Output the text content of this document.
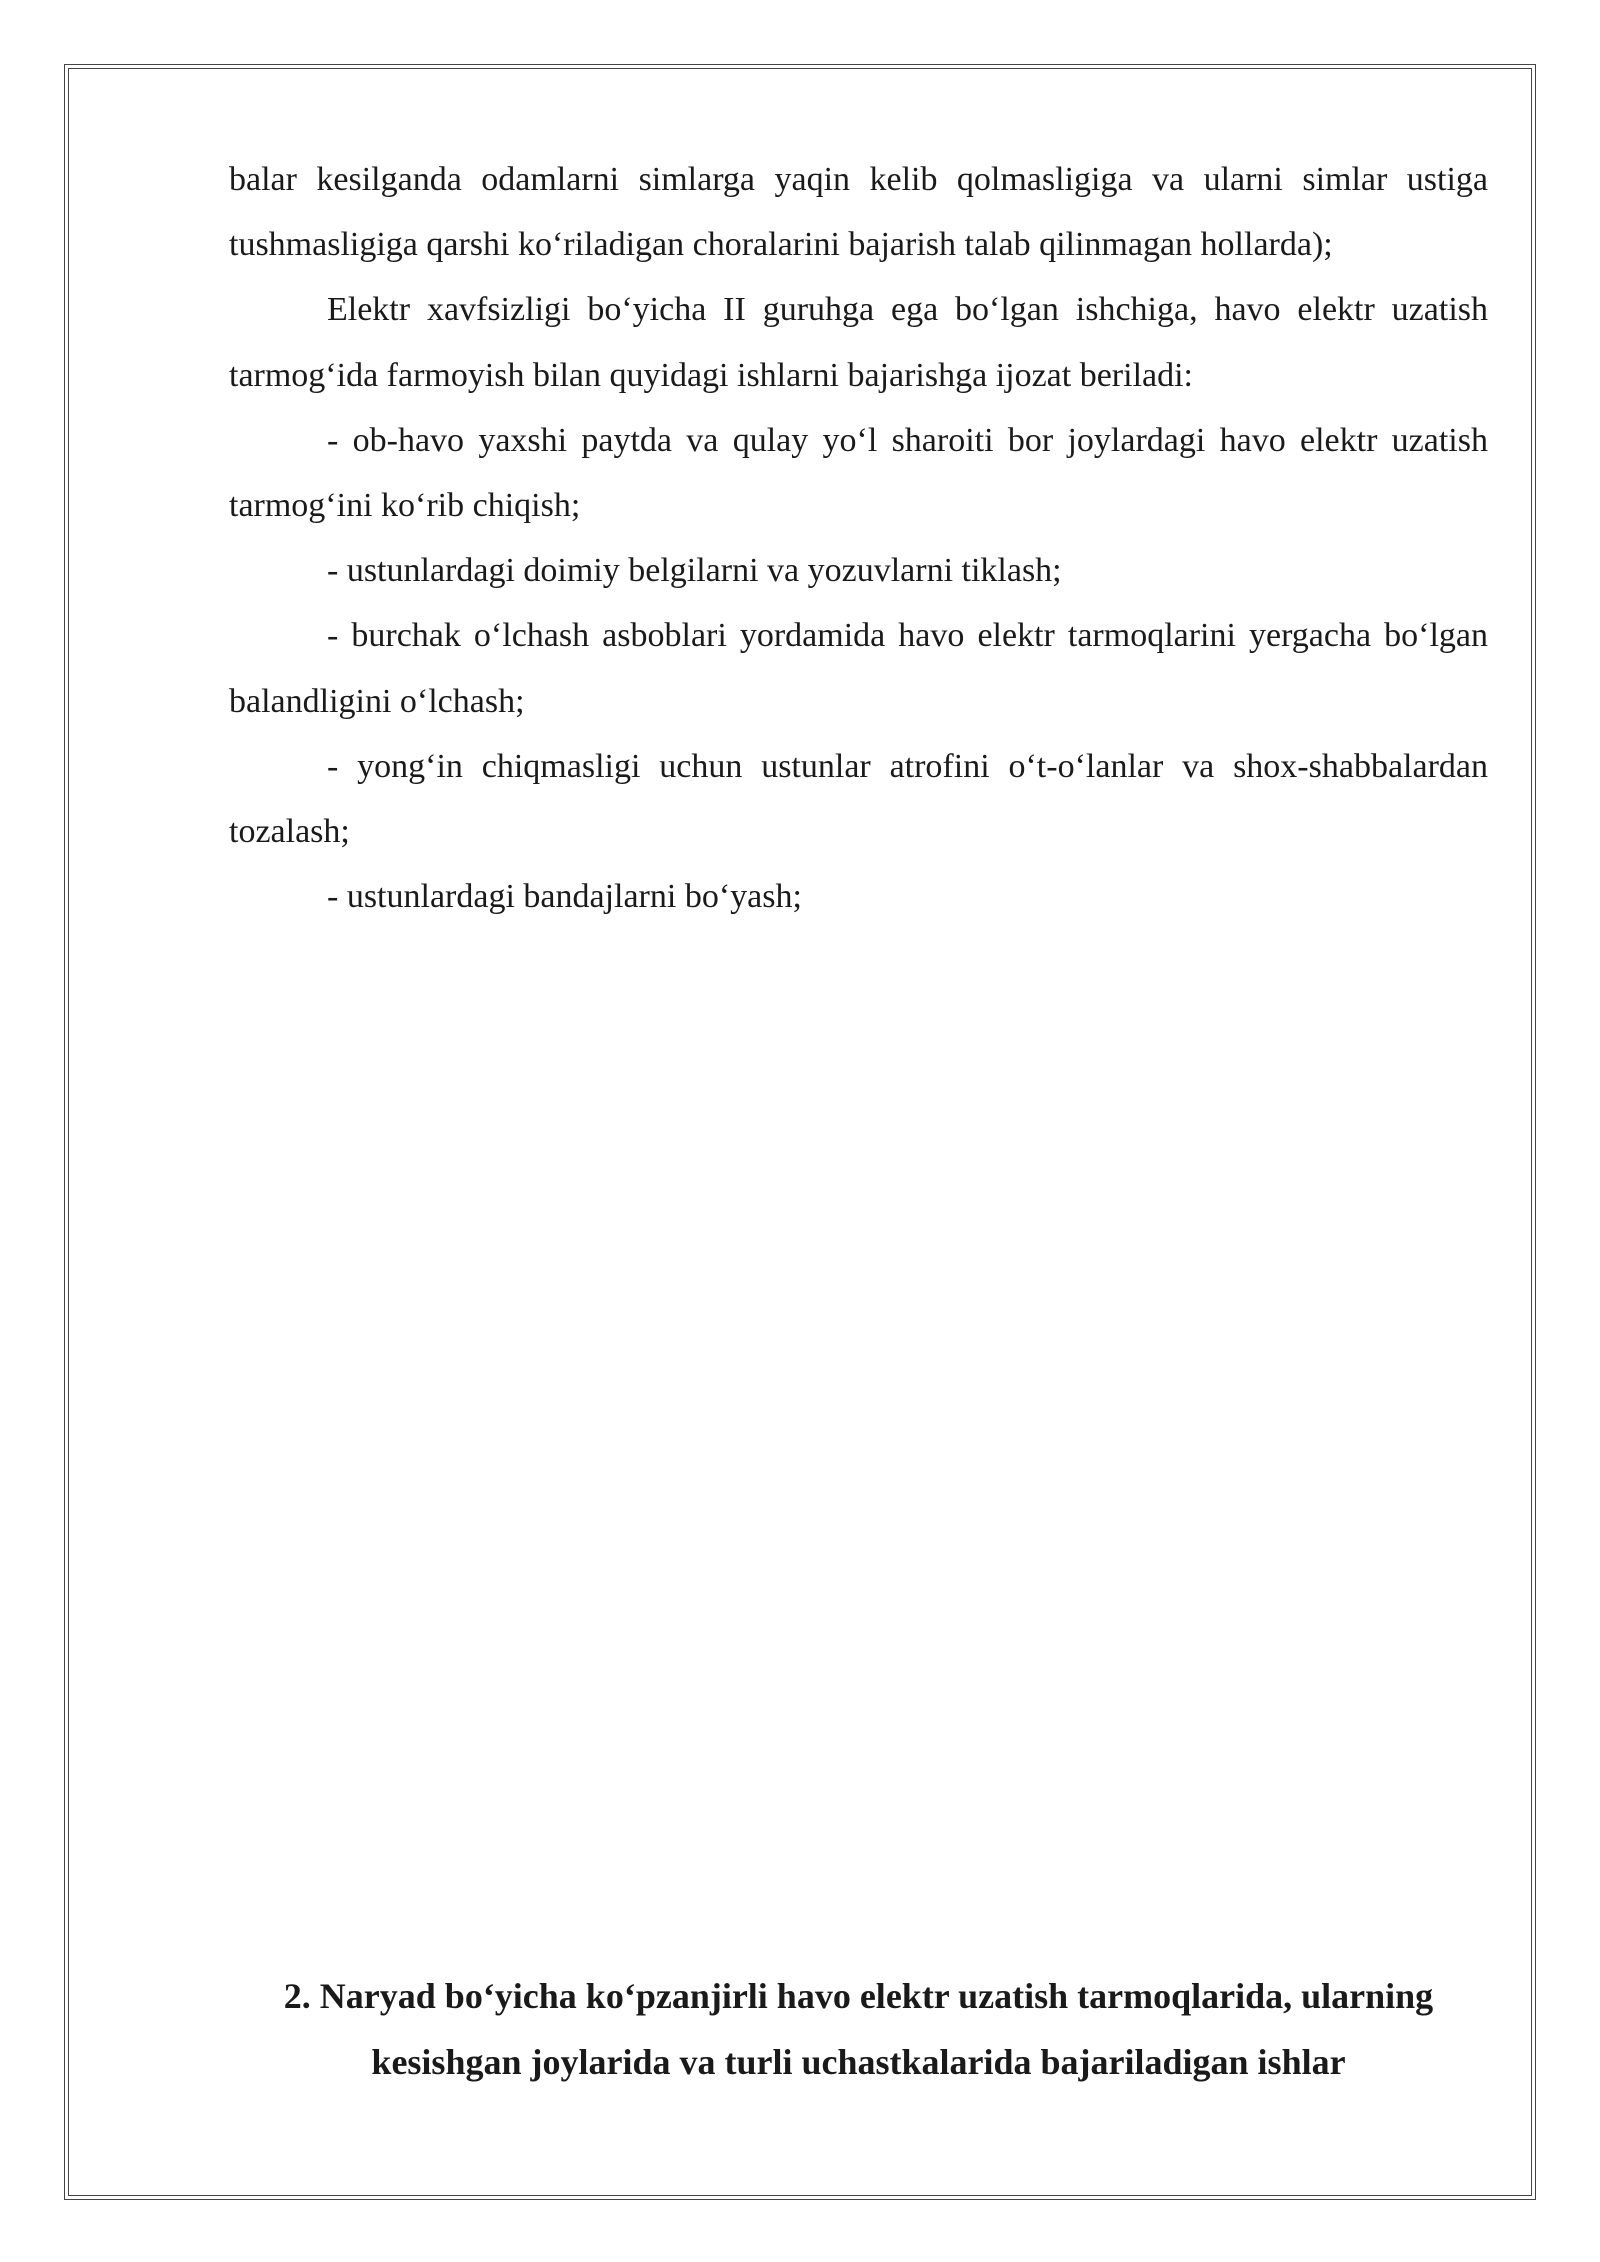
balar kesilganda odamlarni simlarga yaqin kelib qolmasligiga va ularni simlar ustiga tushmasligiga qarshi ko‘riladigan choralarini bajarish talab qilinmagan hollarda);

Elektr xavfsizligi bo‘yicha II guruhga ega bo‘lgan ishchiga, havo elektr uzatish tarmog‘ida farmoyish bilan quyidagi ishlarni bajarishga ijozat beriladi:

- ob-havo yaxshi paytda va qulay yo‘l sharoiti bor joylardagi havo elektr uzatish tarmog‘ini ko‘rib chiqish;

- ustunlardagi doimiy belgilarni va yozuvlarni tiklash;

- burchak o‘lchash asboblari yordamida havo elektr tarmoqlarini yergacha bo‘lgan balandligini o‘lchash;

- yong‘in chiqmasligi uchun ustunlar atrofini o‘t-o‘lanlar va shox-shabbalardan tozalash;

- ustunlardagi bandajlarni bo‘yash;

2. Naryad bo‘yicha ko‘pzanjirli havo elektr uzatish tarmoqlarida, ularning
kesishgan joylarida va turli uchastkalarida bajariladigan ishlar
